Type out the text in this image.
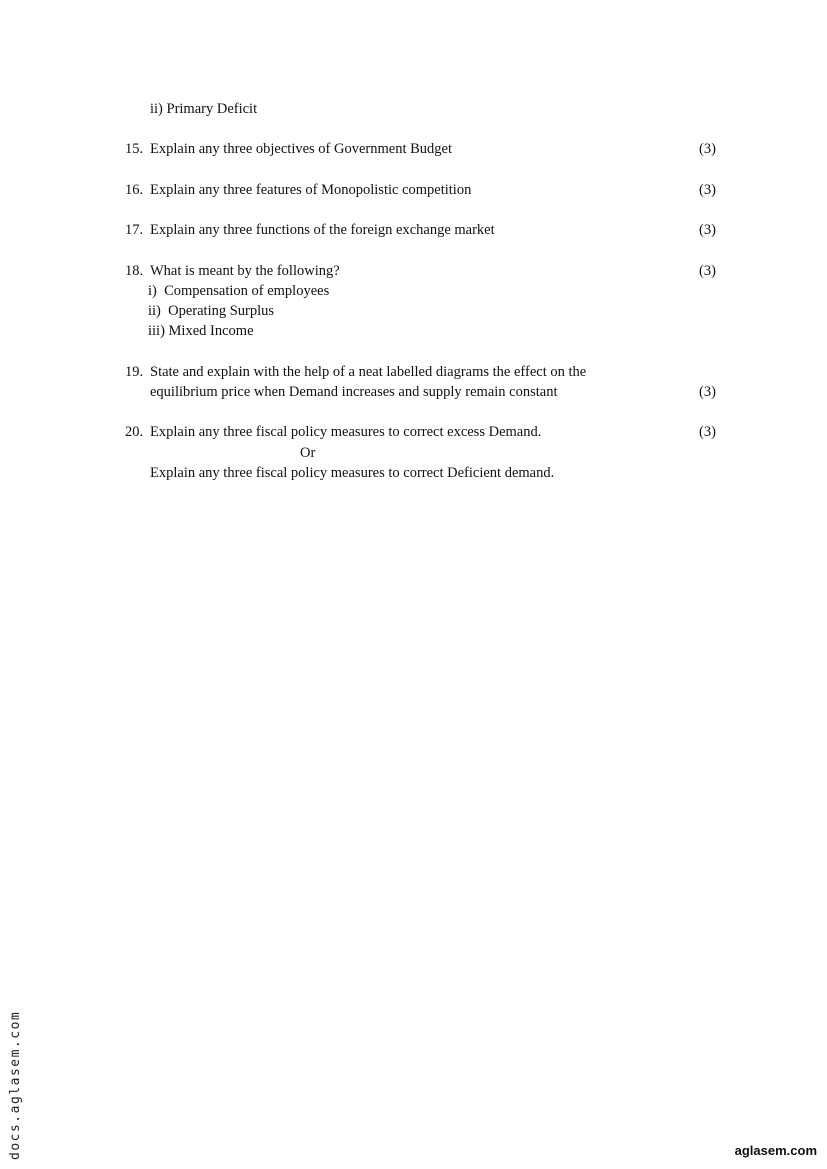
ii) Primary Deficit
15. Explain any three objectives of Government Budget	(3)
16. Explain any three features of Monopolistic competition	(3)
17. Explain any three functions of the foreign exchange market	(3)
18. What is meant by the following?	(3)
i)  Compensation of employees
ii)  Operating Surplus
iii) Mixed Income
19. State and explain with the help of a neat labelled diagrams the effect on the
equilibrium price when Demand increases and supply remain constant	(3)
20. Explain any three fiscal policy measures to correct excess Demand.	(3)
Or
Explain any three fiscal policy measures to correct Deficient demand.
docs.aglasem.com	aglasem.com
